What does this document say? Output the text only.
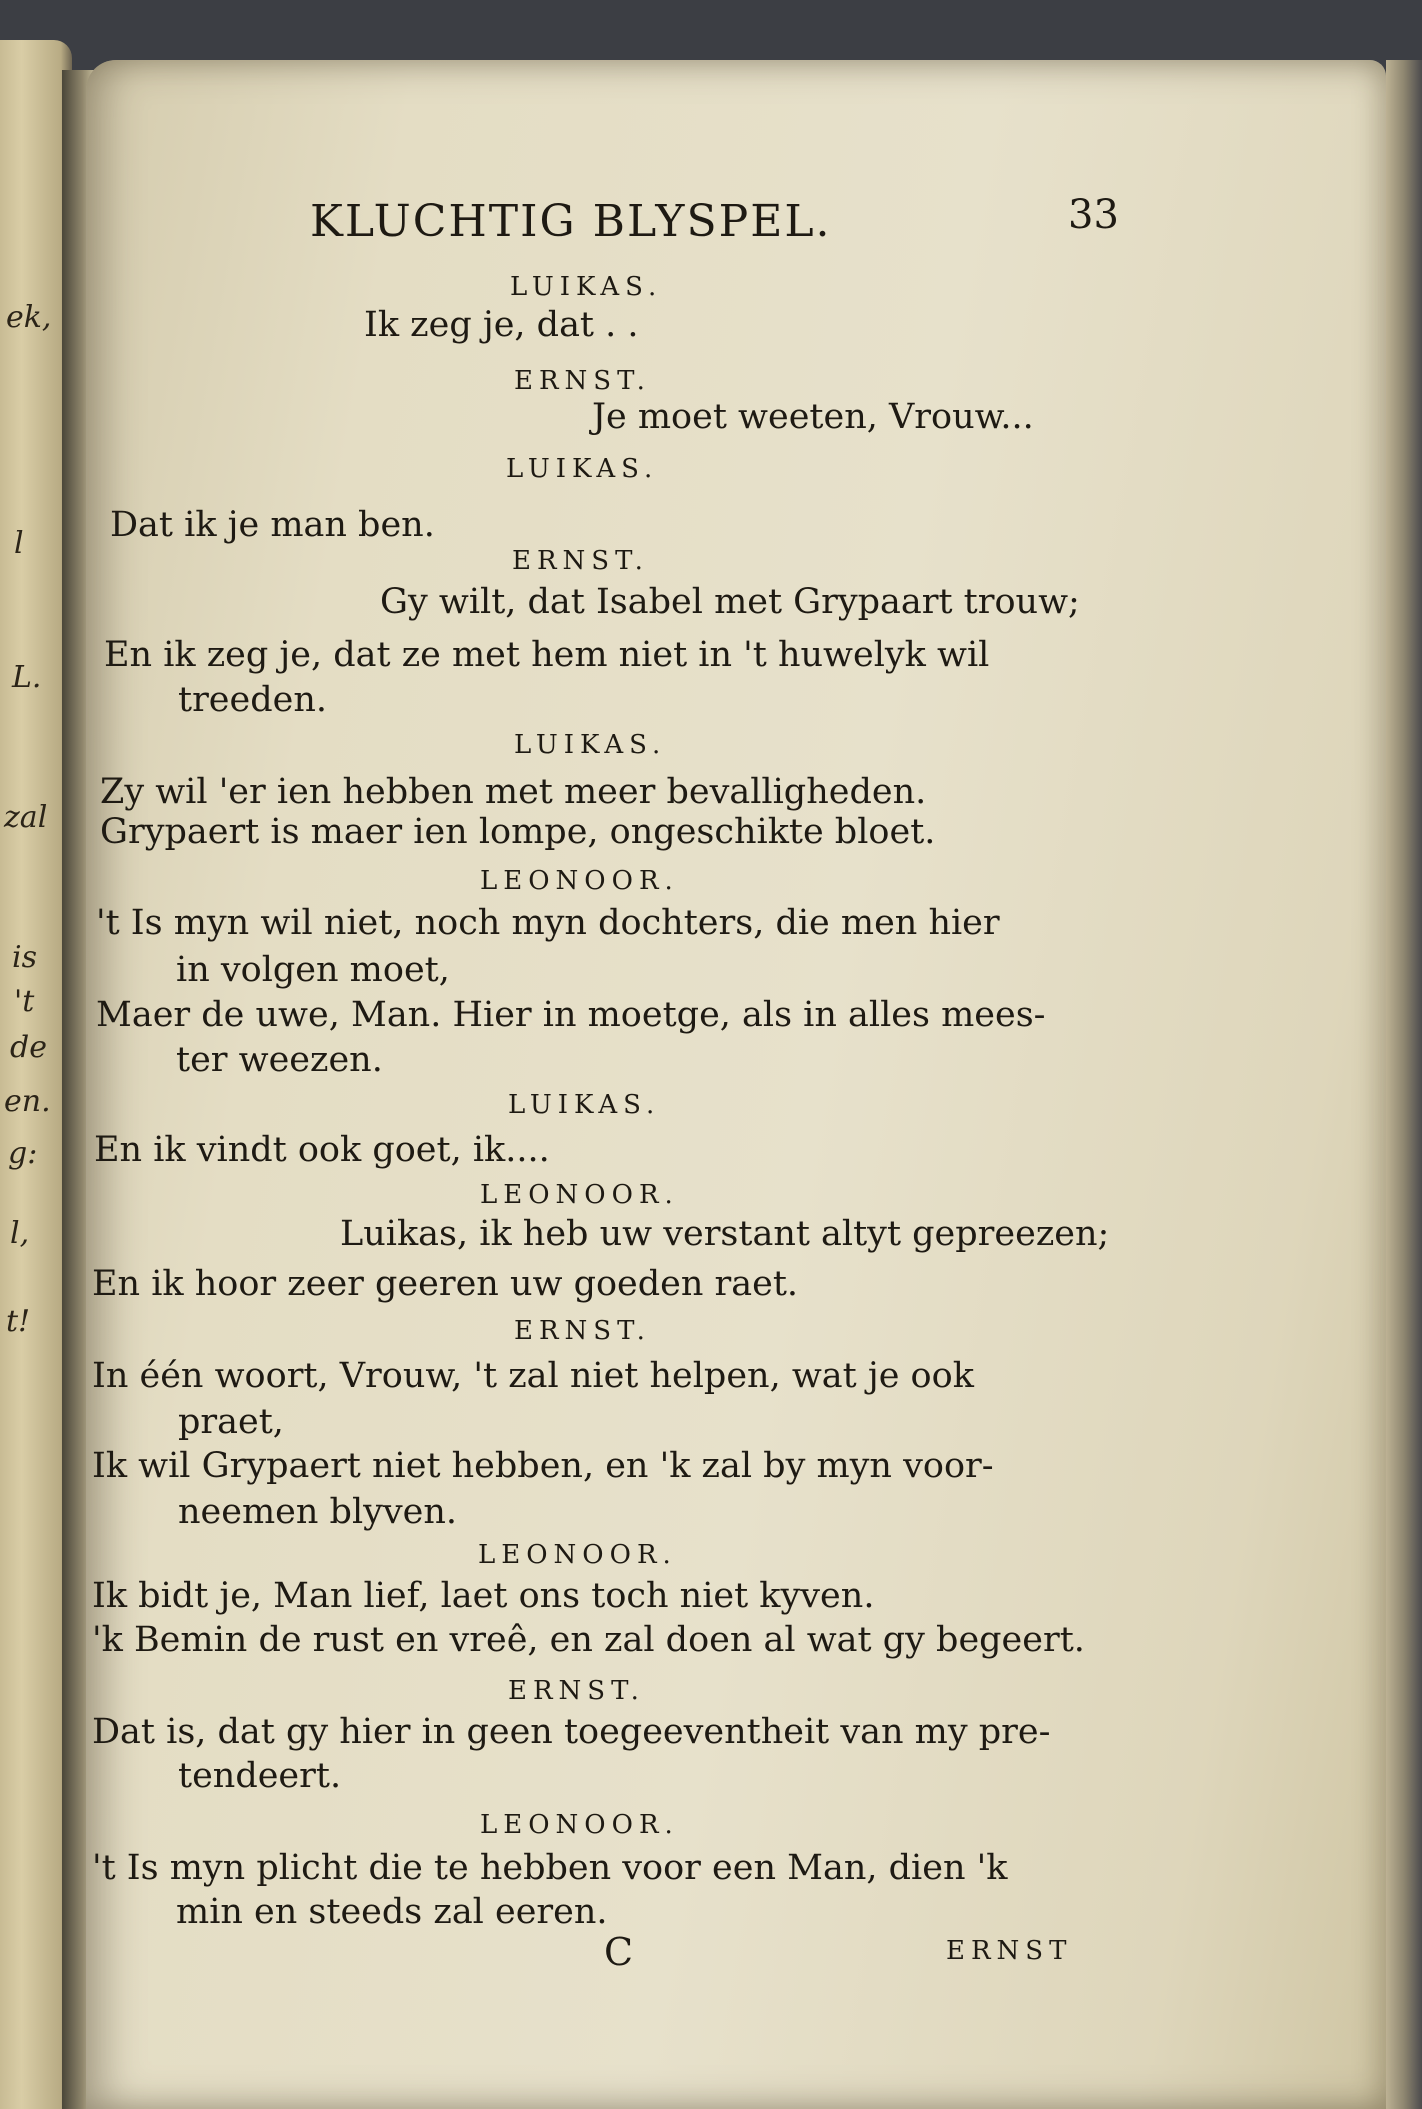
ek,
l
L.
zal
is
't
de
en.
g:
l,
t!
KLUCHTIG BLYSPEL.	33
LUIKAS.
Ik zeg je, dat . .
ERNST.
Je moet weeten, Vrouw...
LUIKAS.
Dat ik je man ben.
ERNST.
Gy wilt, dat Isabel met Grypaart trouw;
En ik zeg je, dat ze met hem niet in 't huwelyk wil
treeden.
LUIKAS.
Zy wil 'er ien hebben met meer bevalligheden.
Grypaert is maer ien lompe, ongeschikte bloet.
LEONOOR.
't Is myn wil niet, noch myn dochters, die men hier
in volgen moet,
Maer de uwe, Man. Hier in moetge, als in alles mees-
ter weezen.
LUIKAS.
En ik vindt ook goet, ik....
LEONOOR.
Luikas, ik heb uw verstant altyt gepreezen;
En ik hoor zeer geeren uw goeden raet.
ERNST.
In één woort, Vrouw, 't zal niet helpen, wat je ook
praet,
Ik wil Grypaert niet hebben, en 'k zal by myn voor-
neemen blyven.
LEONOOR.
Ik bidt je, Man lief, laet ons toch niet kyven.
'k Bemin de rust en vreê, en zal doen al wat gy begeert.
ERNST.
Dat is, dat gy hier in geen toegeeventheit van my pre-
tendeert.
LEONOOR.
't Is myn plicht die te hebben voor een Man, dien 'k
min en steeds zal eeren.
C	ERNST
